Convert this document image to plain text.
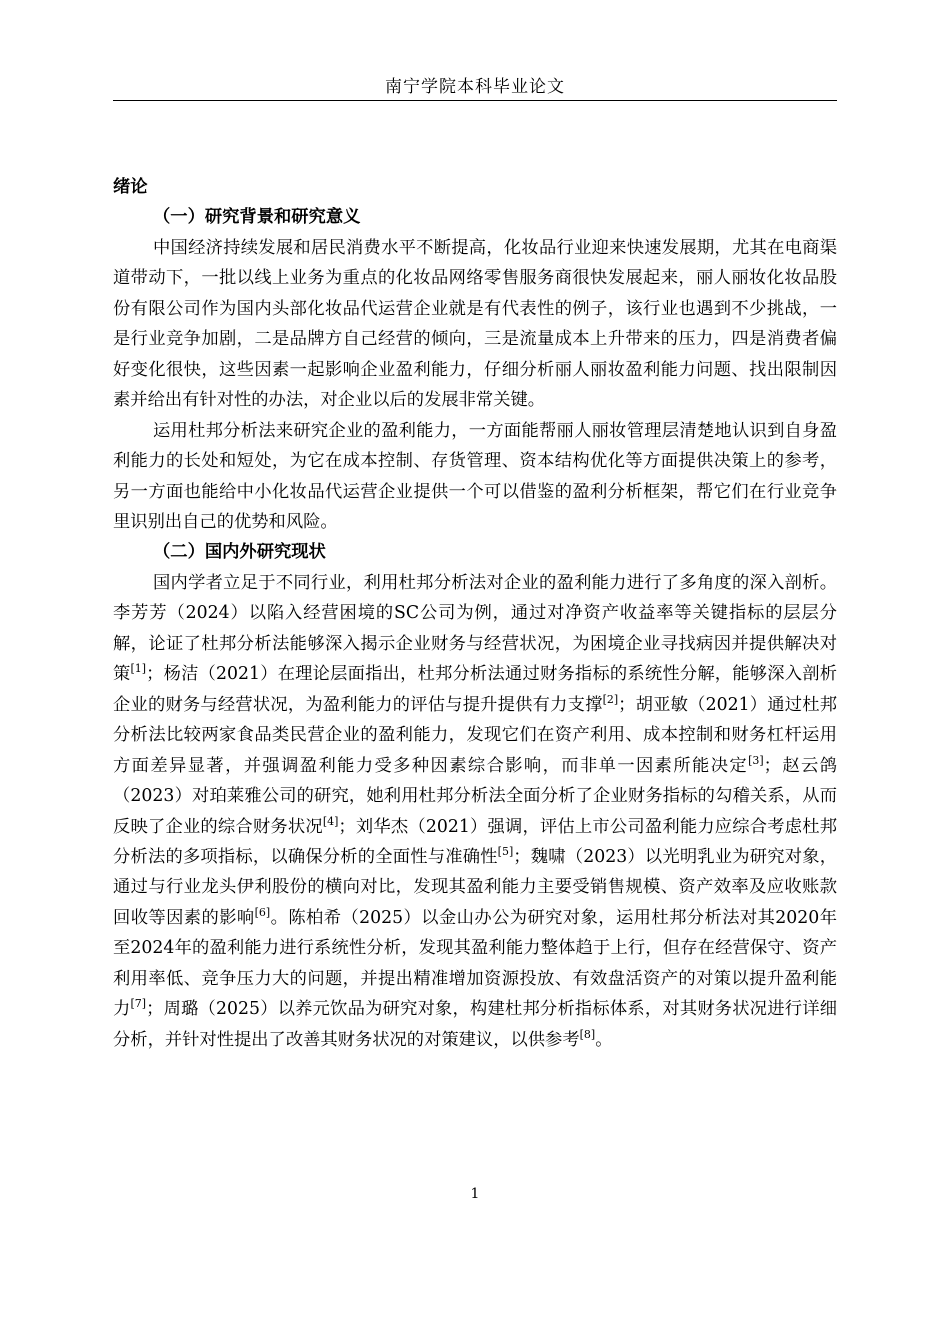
南宁学院本科毕业论文

绪论

（一）研究背景和研究意义

中国经济持续发展和居民消费水平不断提高，化妆品行业迎来快速发展期，尤其在电商渠道带动下，一批以线上业务为重点的化妆品网络零售服务商很快发展起来，丽人丽妆化妆品股份有限公司作为国内头部化妆品代运营企业就是有代表性的例子，该行业也遇到不少挑战，一是行业竞争加剧，二是品牌方自己经营的倾向，三是流量成本上升带来的压力，四是消费者偏好变化很快，这些因素一起影响企业盈利能力，仔细分析丽人丽妆盈利能力问题、找出限制因素并给出有针对性的办法，对企业以后的发展非常关键。

运用杜邦分析法来研究企业的盈利能力，一方面能帮丽人丽妆管理层清楚地认识到自身盈利能力的长处和短处，为它在成本控制、存货管理、资本结构优化等方面提供决策上的参考，另一方面也能给中小化妆品代运营企业提供一个可以借鉴的盈利分析框架，帮它们在行业竞争里识别出自己的优势和风险。

（二）国内外研究现状

国内学者立足于不同行业，利用杜邦分析法对企业的盈利能力进行了多角度的深入剖析。李芳芳（2024）以陷入经营困境的SC公司为例，通过对净资产收益率等关键指标的层层分解，论证了杜邦分析法能够深入揭示企业财务与经营状况，为困境企业寻找病因并提供解决对策[1]；杨洁（2021）在理论层面指出，杜邦分析法通过财务指标的系统性分解，能够深入剖析企业的财务与经营状况，为盈利能力的评估与提升提供有力支撑[2]；胡亚敏（2021）通过杜邦分析法比较两家食品类民营企业的盈利能力，发现它们在资产利用、成本控制和财务杠杆运用方面差异显著，并强调盈利能力受多种因素综合影响，而非单一因素所能决定[3]；赵云鸽（2023）对珀莱雅公司的研究，她利用杜邦分析法全面分析了企业财务指标的勾稽关系，从而反映了企业的综合财务状况[4]；刘华杰（2021）强调，评估上市公司盈利能力应综合考虑杜邦分析法的多项指标，以确保分析的全面性与准确性[5]；魏啸（2023）以光明乳业为研究对象，通过与行业龙头伊利股份的横向对比，发现其盈利能力主要受销售规模、资产效率及应收账款回收等因素的影响[6]。陈柏希（2025）以金山办公为研究对象，运用杜邦分析法对其2020年至2024年的盈利能力进行系统性分析，发现其盈利能力整体趋于上行，但存在经营保守、资产利用率低、竞争压力大的问题，并提出精准增加资源投放、有效盘活资产的对策以提升盈利能力[7]；周璐（2025）以养元饮品为研究对象，构建杜邦分析指标体系，对其财务状况进行详细分析，并针对性提出了改善其财务状况的对策建议，以供参考[8]。

1
